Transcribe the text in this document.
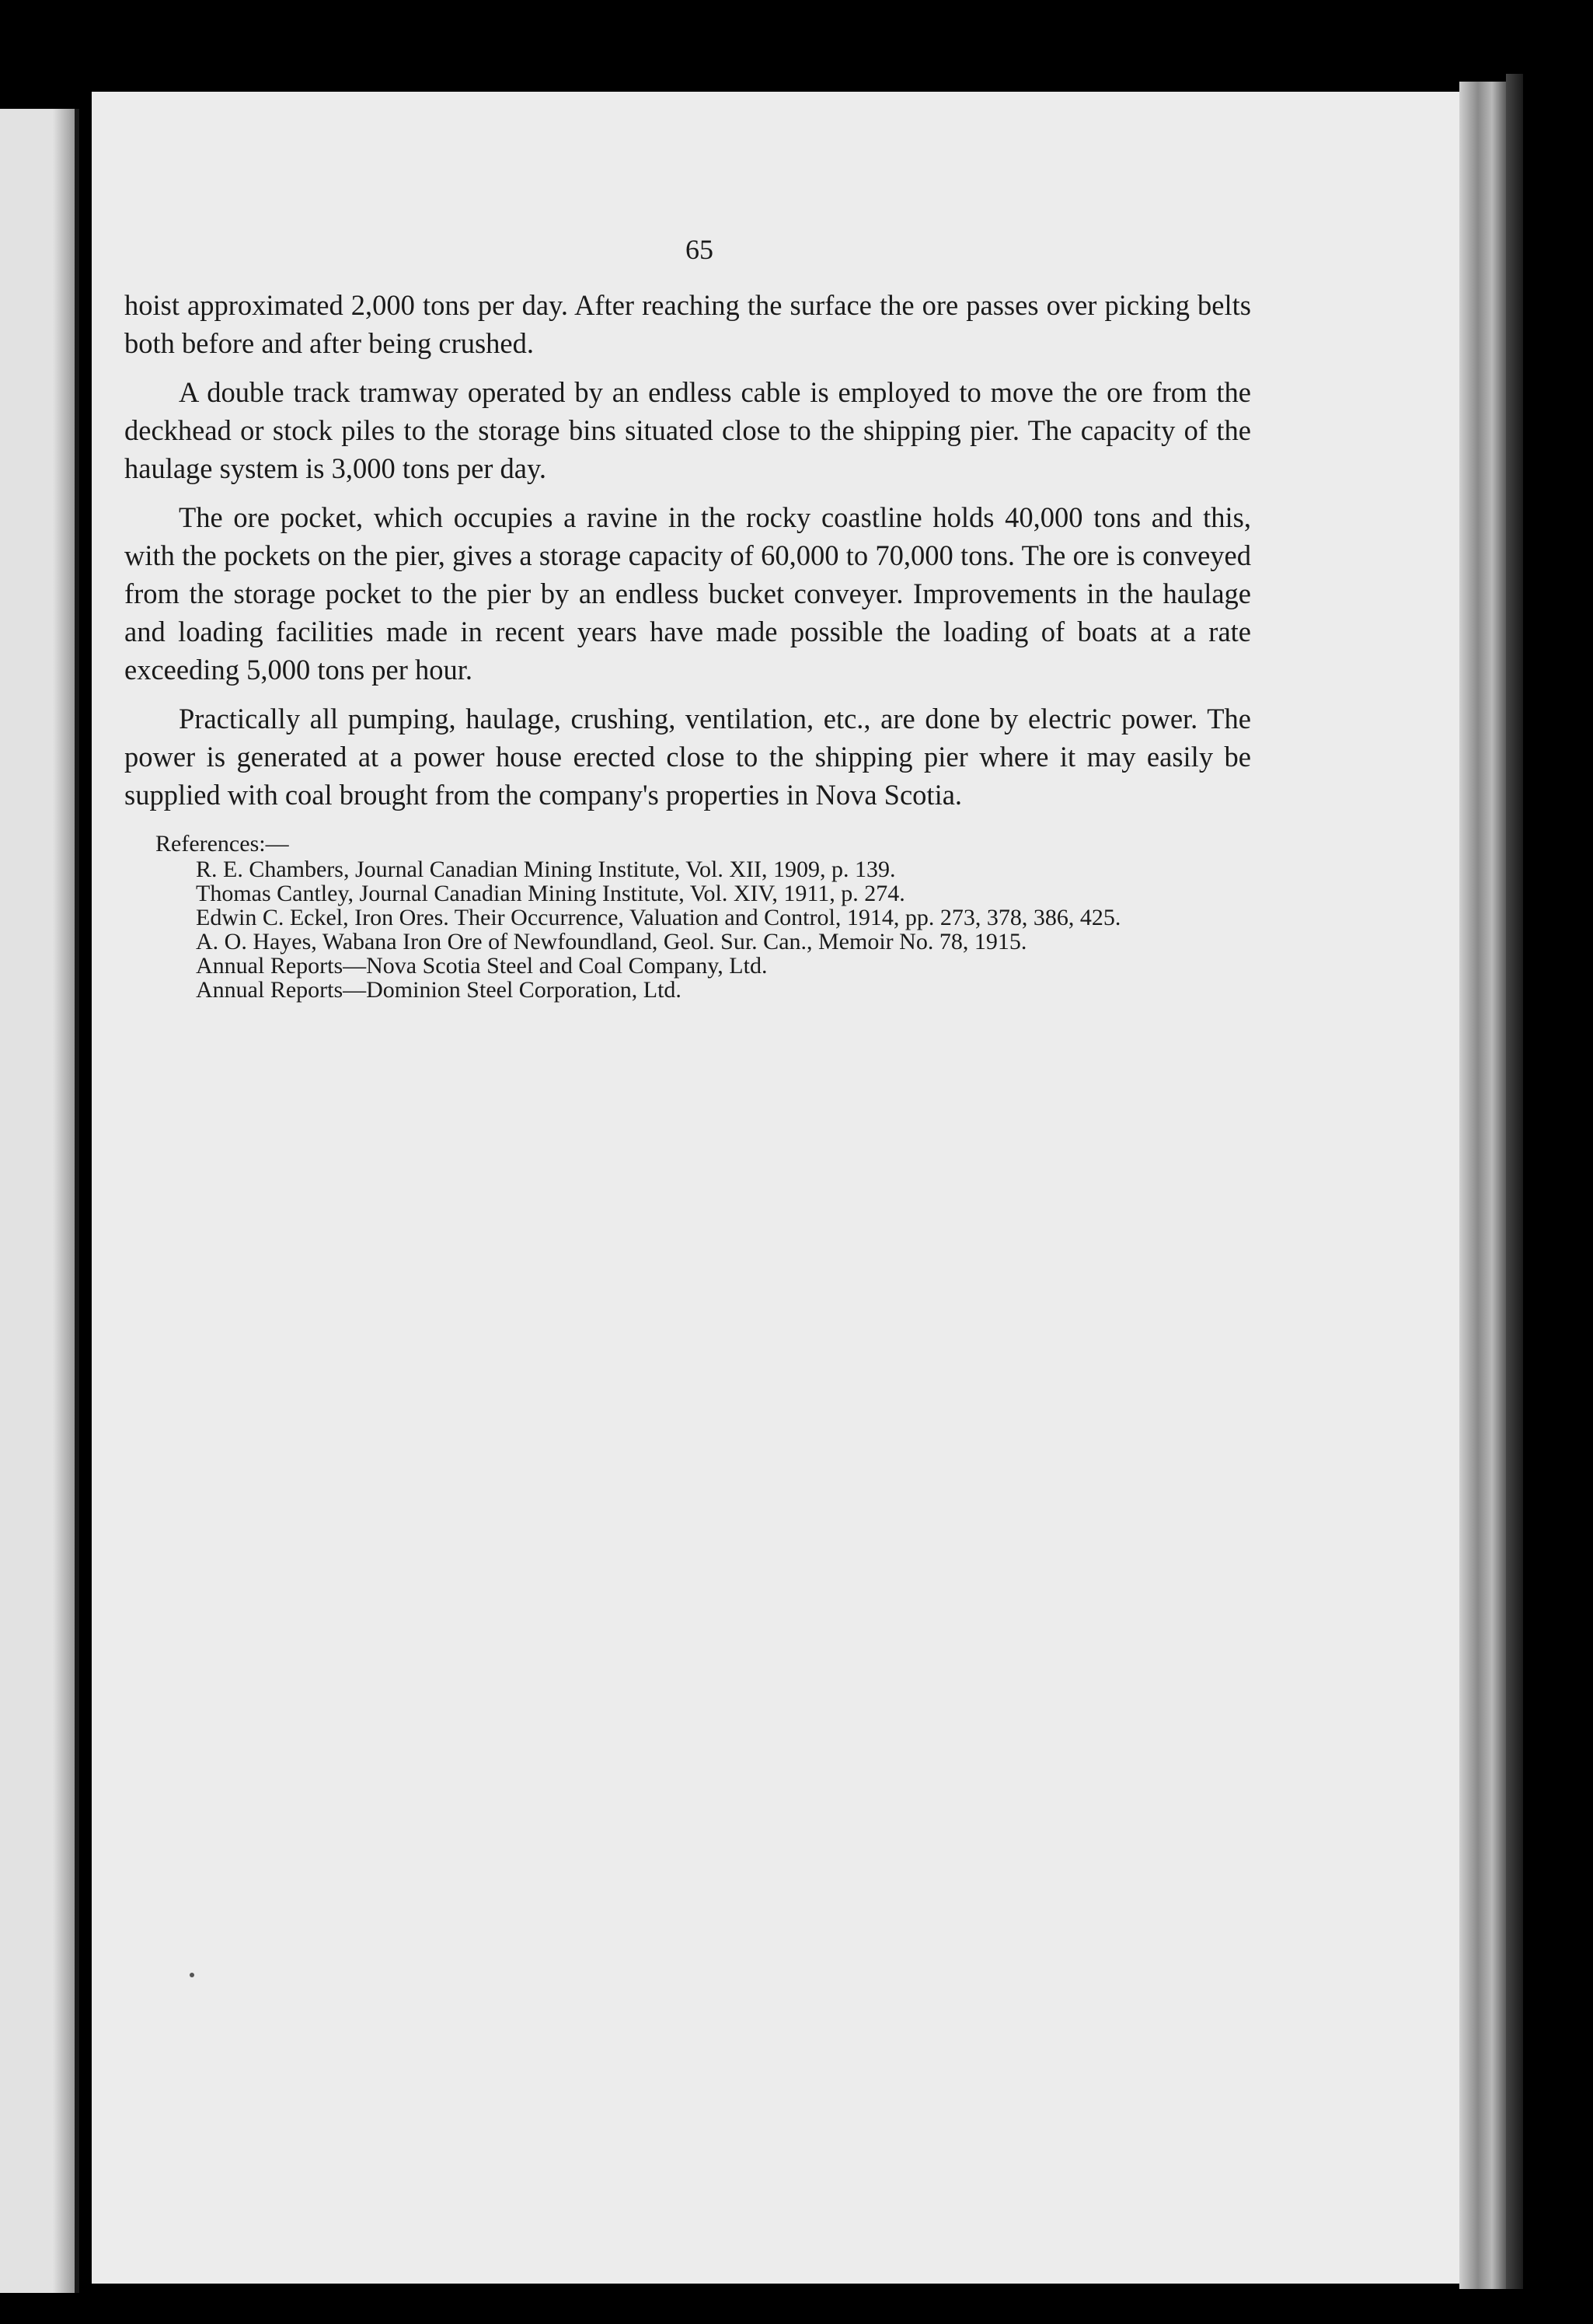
65

hoist approximated 2,000 tons per day. After reaching the surface the ore passes over picking belts both before and after being crushed.

A double track tramway operated by an endless cable is employed to move the ore from the deckhead or stock piles to the storage bins situated close to the shipping pier. The capacity of the haulage system is 3,000 tons per day.

The ore pocket, which occupies a ravine in the rocky coastline holds 40,000 tons and this, with the pockets on the pier, gives a storage capacity of 60,000 to 70,000 tons. The ore is conveyed from the storage pocket to the pier by an endless bucket conveyer. Improvements in the haulage and loading facilities made in recent years have made possible the loading of boats at a rate exceeding 5,000 tons per hour.

Practically all pumping, haulage, crushing, ventilation, etc., are done by electric power. The power is generated at a power house erected close to the shipping pier where it may easily be supplied with coal brought from the company's properties in Nova Scotia.

References:—
R. E. Chambers, Journal Canadian Mining Institute, Vol. XII, 1909, p. 139.
Thomas Cantley, Journal Canadian Mining Institute, Vol. XIV, 1911, p. 274.
Edwin C. Eckel, Iron Ores. Their Occurrence, Valuation and Control, 1914, pp. 273, 378, 386, 425.
A. O. Hayes, Wabana Iron Ore of Newfoundland, Geol. Sur. Can., Memoir No. 78, 1915.
Annual Reports—Nova Scotia Steel and Coal Company, Ltd.
Annual Reports—Dominion Steel Corporation, Ltd.
